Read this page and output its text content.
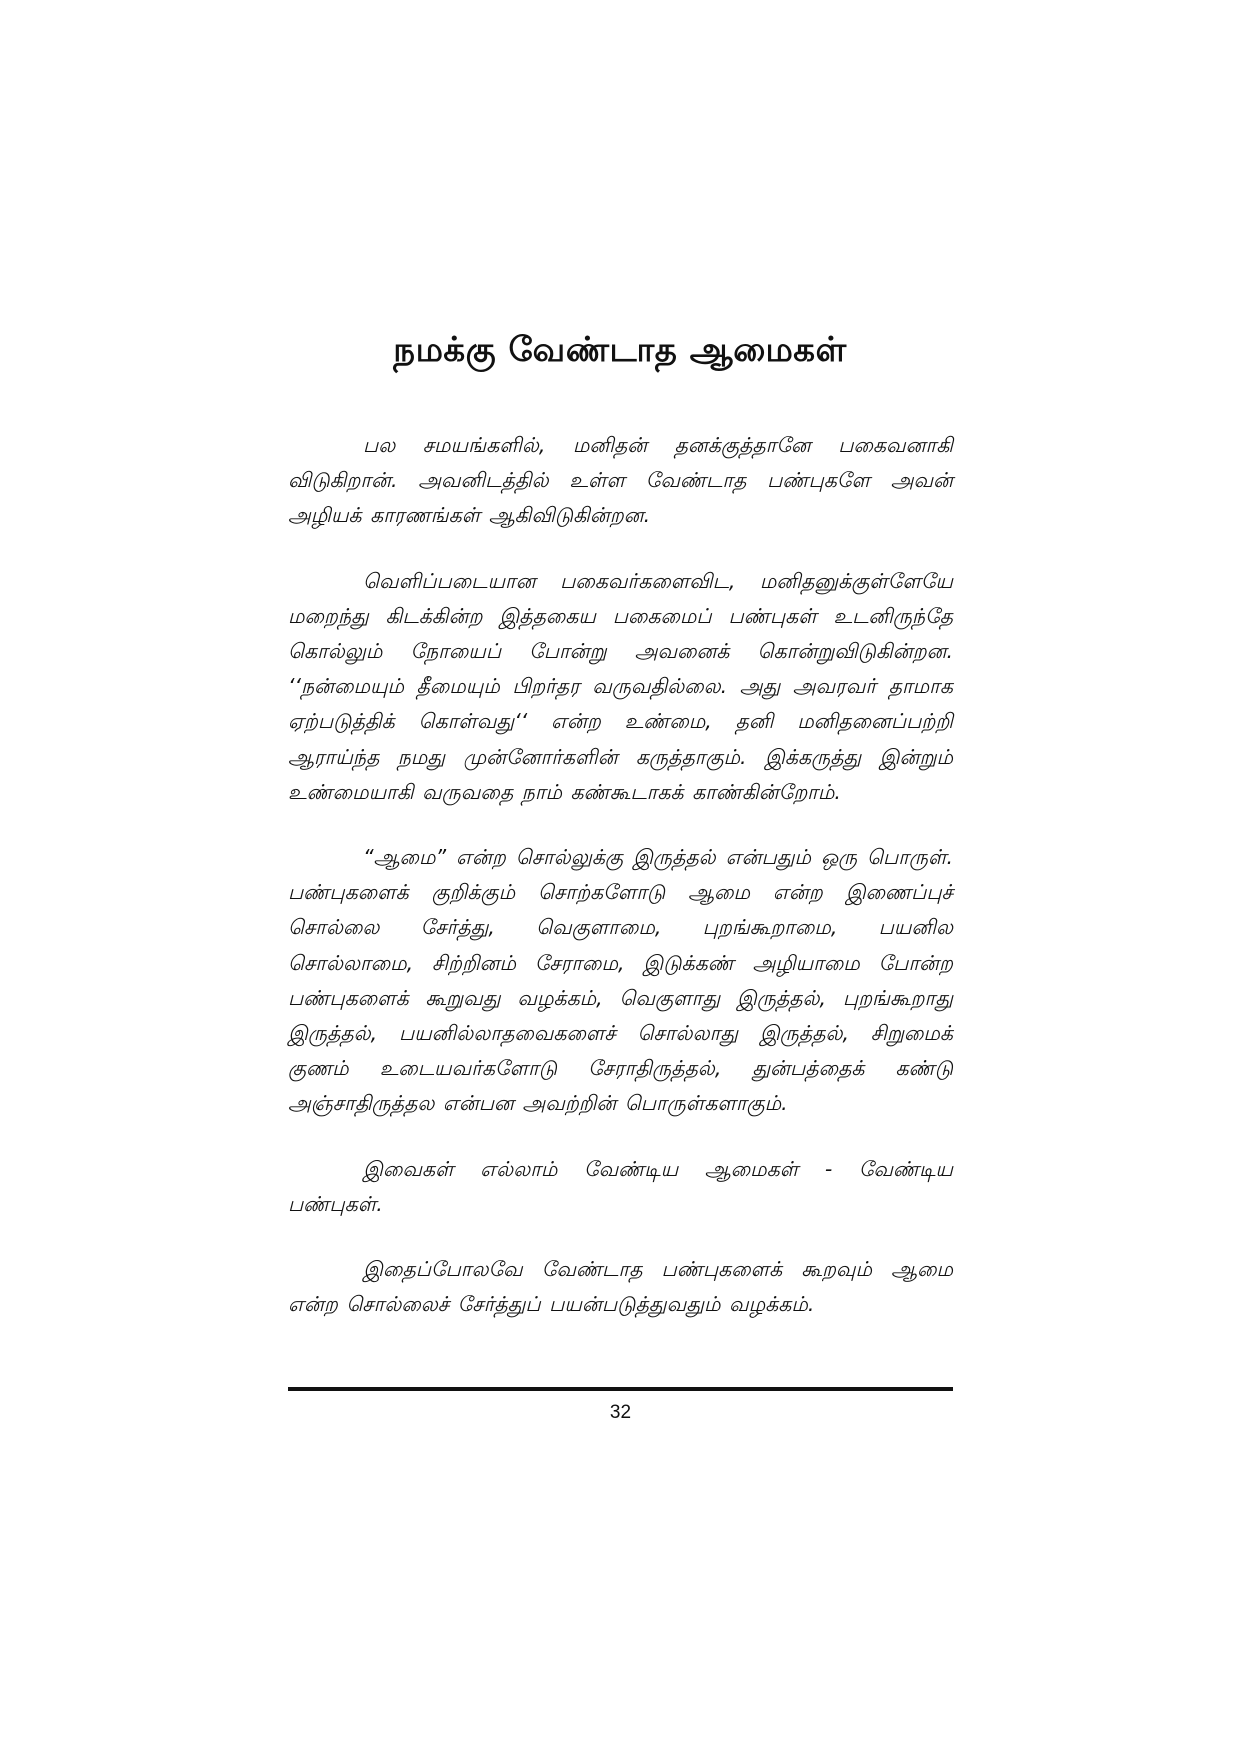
நமக்கு வேண்டாத ஆமைகள்

பல சமயங்களில், மனிதன் தனக்குத்தானே பகைவனாகி விடுகிறான். அவனிடத்தில் உள்ள வேண்டாத பண்புகளே அவன் அழியக் காரணங்கள் ஆகிவிடுகின்றன.

வெளிப்படையான பகைவர்களைவிட, மனிதனுக்குள்ளேயே மறைந்து கிடக்கின்ற இத்தகைய பகைமைப் பண்புகள் உடனிருந்தே கொல்லும் நோயைப் போன்று அவனைக் கொன்றுவிடுகின்றன. ‘‘நன்மையும் தீமையும் பிறர்தர வருவதில்லை. அது அவரவர் தாமாக ஏற்படுத்திக் கொள்வது‘‘ என்ற உண்மை, தனி மனிதனைப்பற்றி ஆராய்ந்த நமது முன்னோர்களின் கருத்தாகும். இக்கருத்து இன்றும் உண்மையாகி வருவதை நாம் கண்கூடாகக் காண்கின்றோம்.

“ஆமை” என்ற சொல்லுக்கு இருத்தல் என்பதும் ஒரு பொருள். பண்புகளைக் குறிக்கும் சொற்களோடு ஆமை என்ற இணைப்புச் சொல்லை சேர்த்து, வெகுளாமை, புறங்கூறாமை, பயனில சொல்லாமை, சிற்றினம் சேராமை, இடுக்கண் அழியாமை போன்ற பண்புகளைக் கூறுவது வழக்கம், வெகுளாது இருத்தல், புறங்கூறாது இருத்தல், பயனில்லாதவைகளைச் சொல்லாது இருத்தல், சிறுமைக் குணம் உடையவர்களோடு சேராதிருத்தல், துன்பத்தைக் கண்டு அஞ்சாதிருத்தல என்பன அவற்றின் பொருள்களாகும்.

இவைகள் எல்லாம் வேண்டிய ஆமைகள் - வேண்டிய பண்புகள்.

இதைப்போலவே வேண்டாத பண்புகளைக் கூறவும் ஆமை என்ற சொல்லைச் சேர்த்துப் பயன்படுத்துவதும் வழக்கம்.

32
